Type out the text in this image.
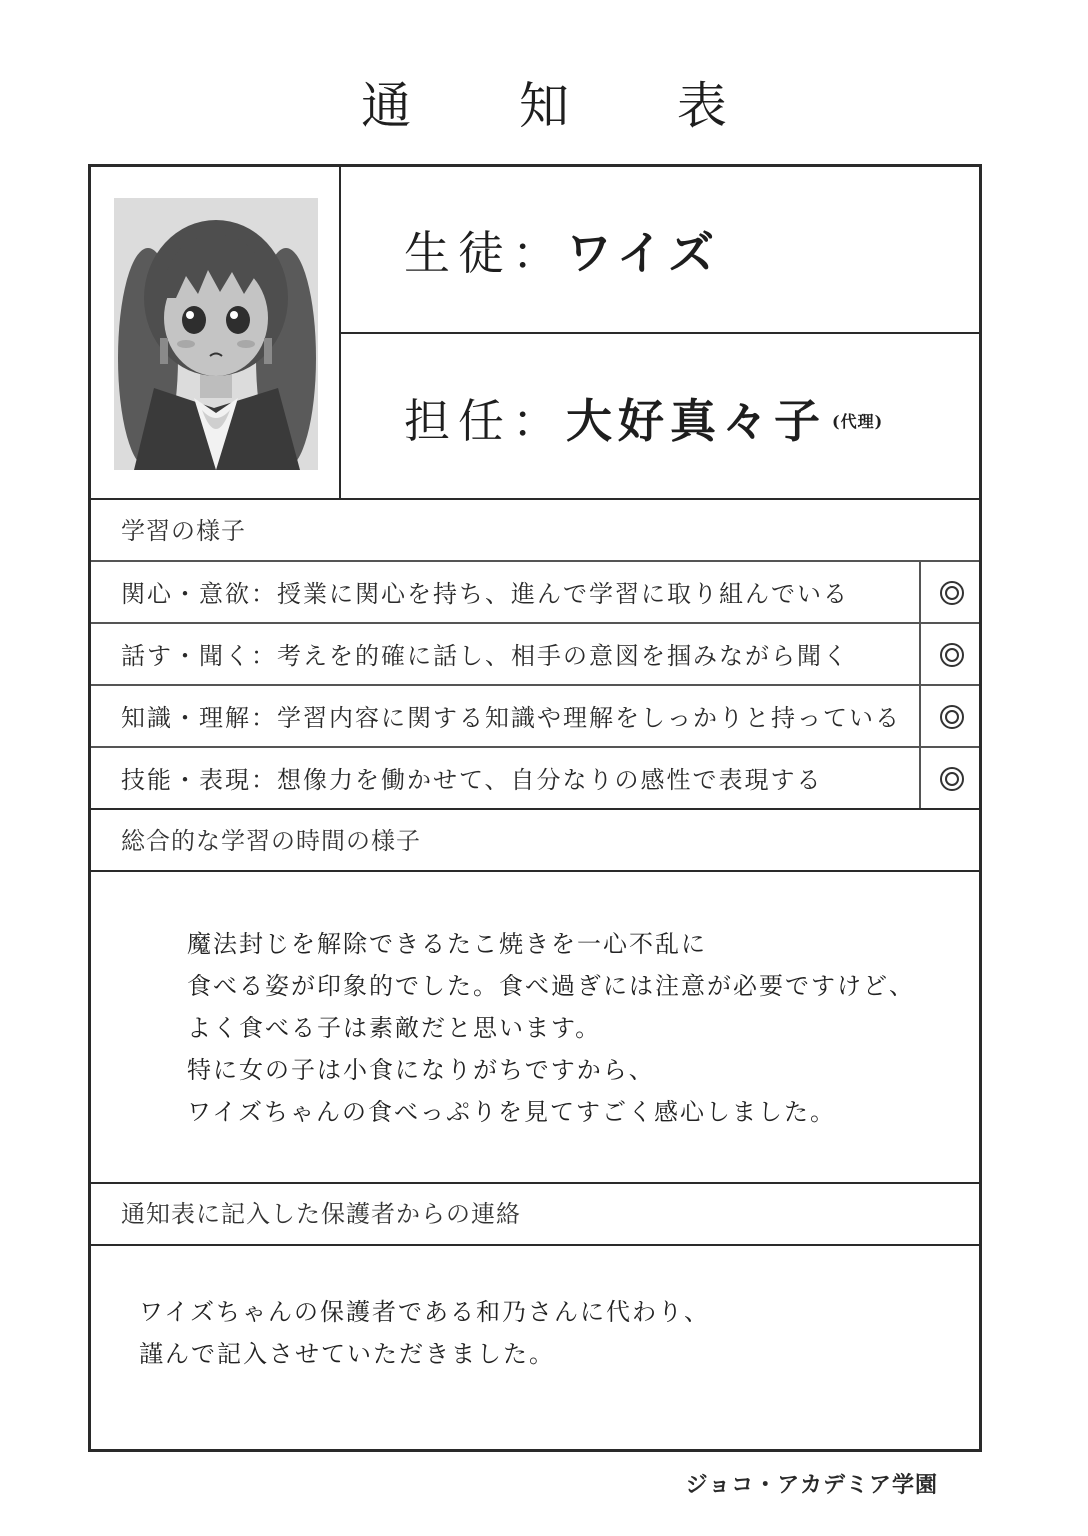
通 知 表
生徒：ワイズ
担任：大好真々子 $^{(代理)}$
学習の様子
関心・意欲：授業に関心を持ち、進んで学習に取り組んでいる
話す・聞く：考えを的確に話し、相手の意図を掴みながら聞く
知識・理解：学習内容に関する知識や理解をしっかりと持っている
技能・表現：想像力を働かせて、自分なりの感性で表現する
総合的な学習の時間の様子
魔法封じを解除できるたこ焼きを一心不乱に
食べる姿が印象的でした。食べ過ぎには注意が必要ですけど、
よく食べる子は素敵だと思います。
特に女の子は小食になりがちですから、
ワイズちゃんの食べっぷりを見てすごく感心しました。
通知表に記入した保護者からの連絡
ワイズちゃんの保護者である和乃さんに代わり、
謹んで記入させていただきました。
ジョコ・アカデミア学園
